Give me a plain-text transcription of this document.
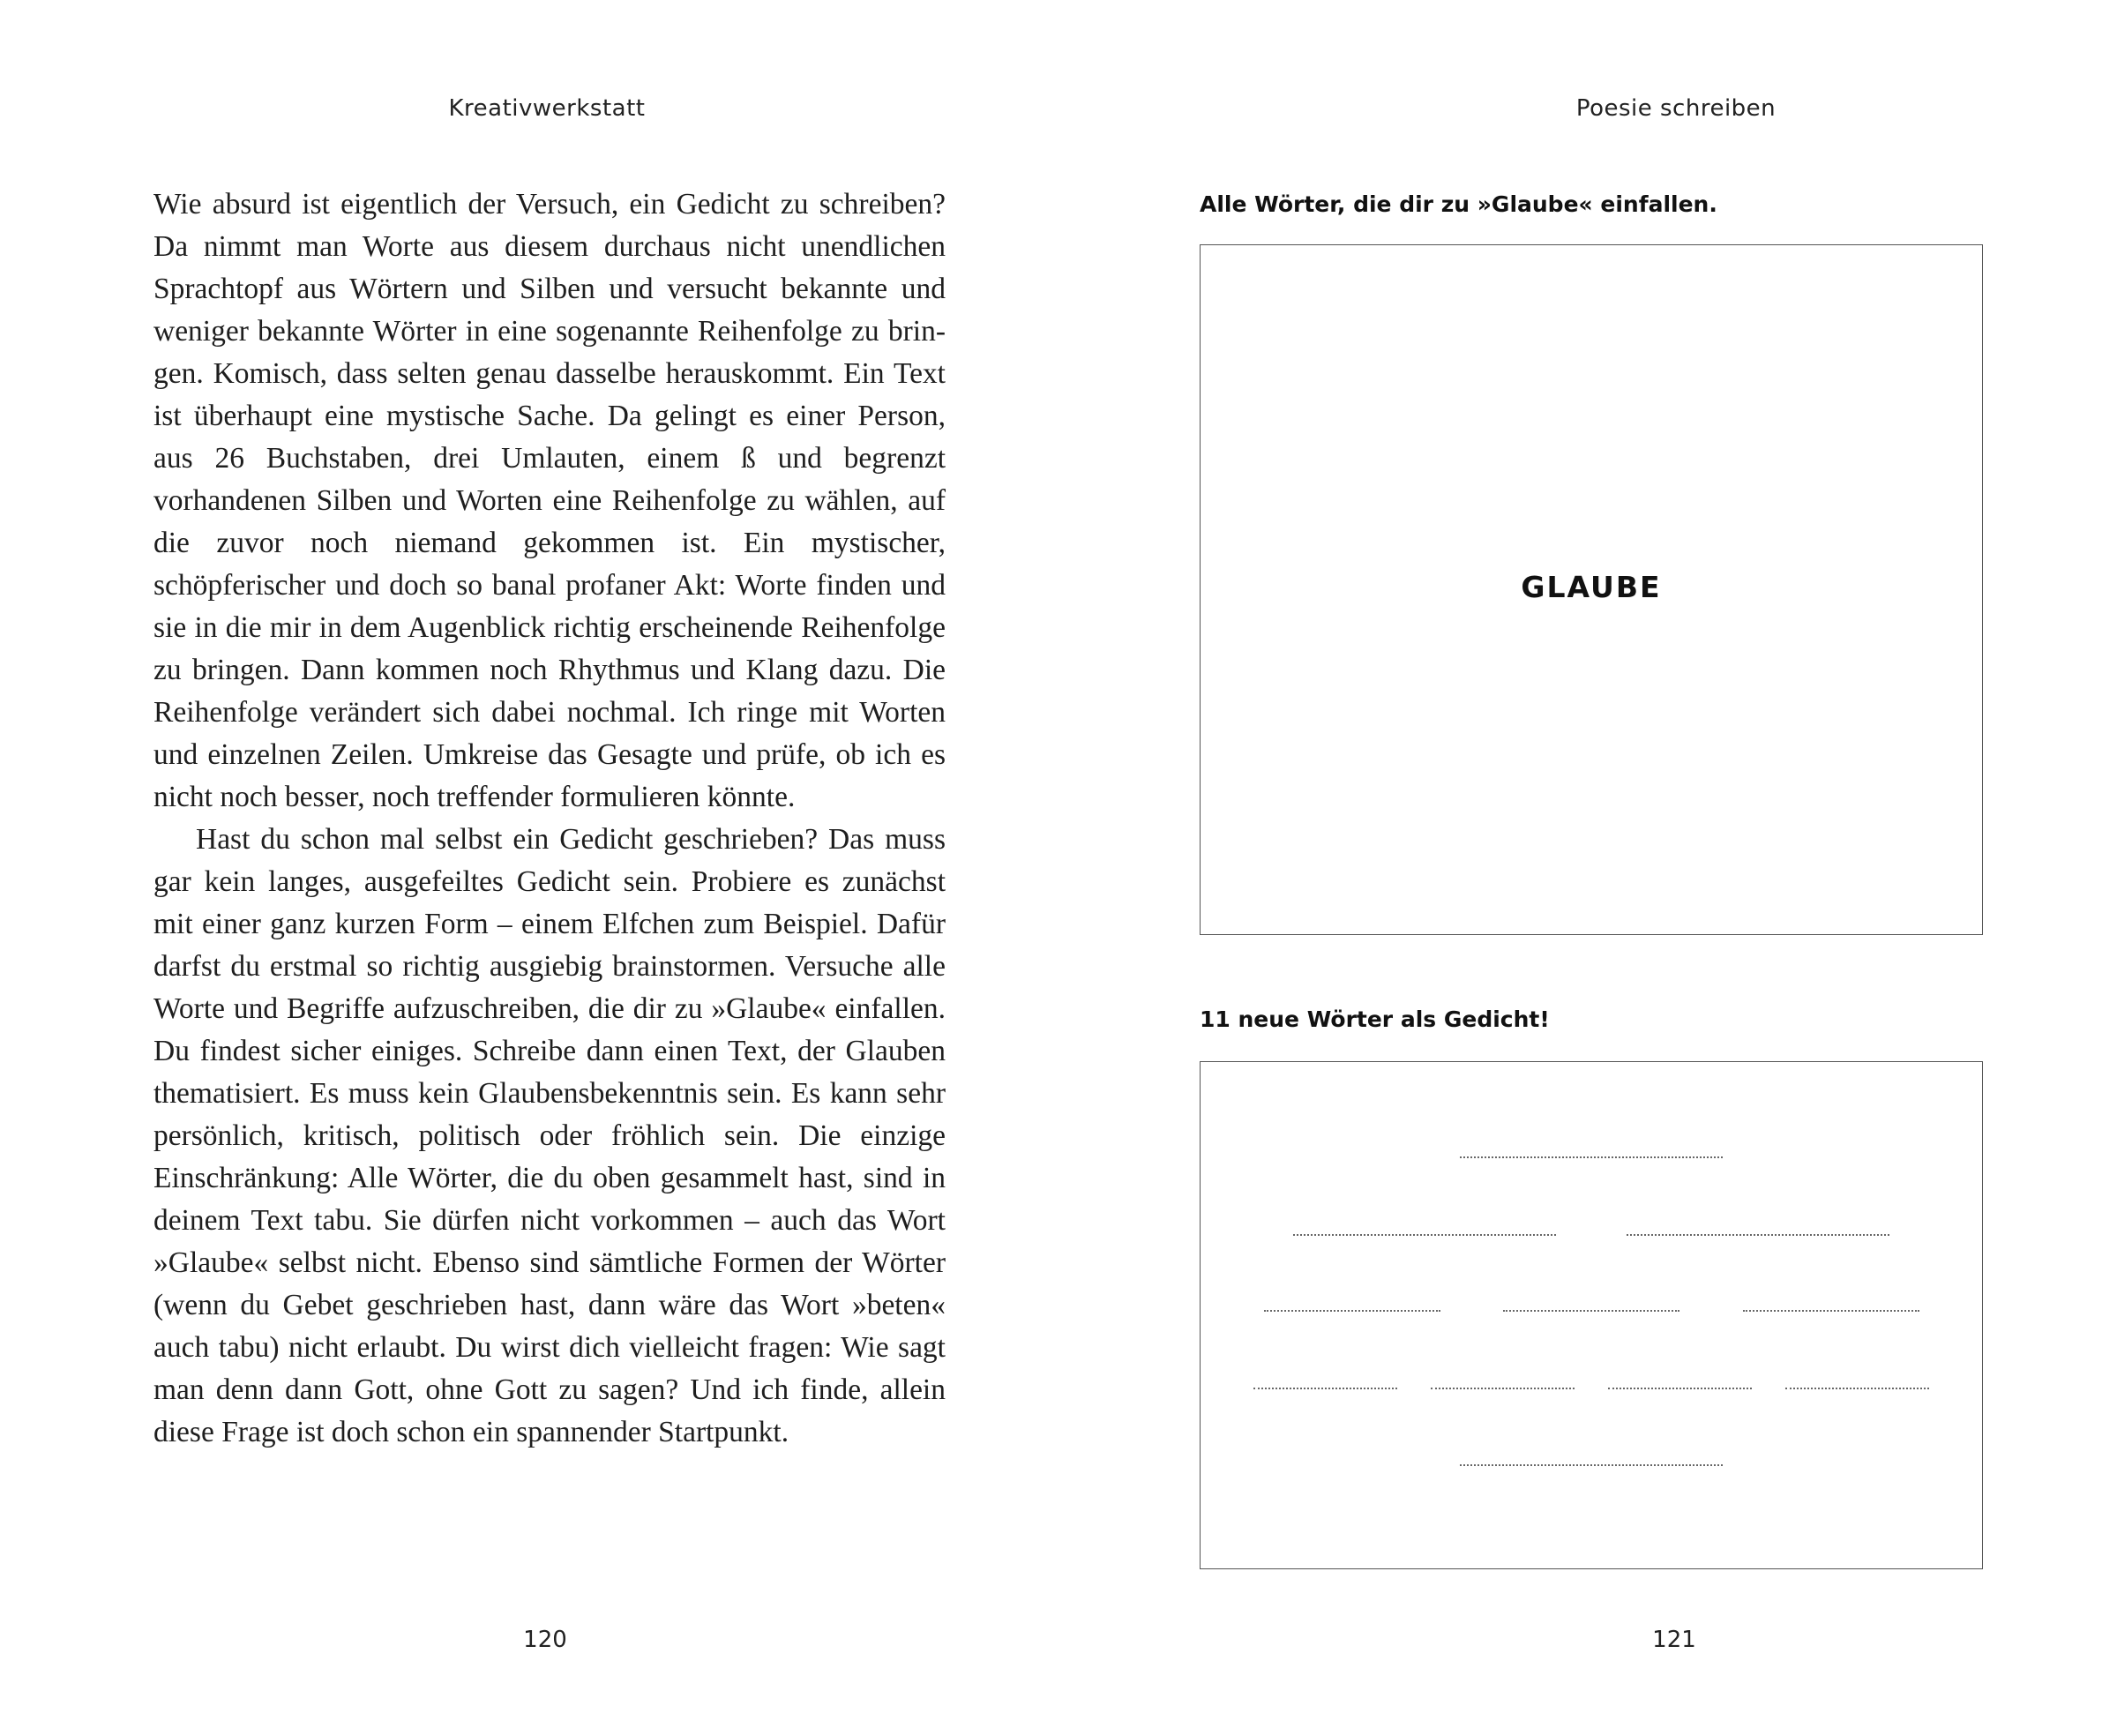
Kreativwerkstatt

Wie absurd ist eigentlich der Versuch, ein Gedicht zu schreiben? Da nimmt man Worte aus diesem durchaus nicht unendlichen Sprachtopf aus Wörtern und Silben und versucht bekannte und weniger bekannte Wörter in eine sogenannte Reihenfolge zu bringen. Komisch, dass selten genau dasselbe herauskommt. Ein Text ist überhaupt eine mystische Sache. Da gelingt es einer Person, aus 26 Buchstaben, drei Umlauten, einem ß und begrenzt vorhandenen Silben und Worten eine Reihenfolge zu wählen, auf die zuvor noch niemand gekommen ist. Ein mystischer, schöpferischer und doch so banal profaner Akt: Worte finden und sie in die mir in dem Augenblick richtig erscheinende Reihenfolge zu bringen. Dann kommen noch Rhythmus und Klang dazu. Die Reihenfolge verändert sich dabei nochmal. Ich ringe mit Worten und einzelnen Zeilen. Umkreise das Gesagte und prüfe, ob ich es nicht noch besser, noch treffender formulieren könnte.

Hast du schon mal selbst ein Gedicht geschrieben? Das muss gar kein langes, ausgefeiltes Gedicht sein. Probiere es zunächst mit einer ganz kurzen Form – einem Elfchen zum Beispiel. Dafür darfst du erstmal so richtig ausgiebig brainstormen. Versuche alle Worte und Begriffe aufzuschreiben, die dir zu »Glaube« einfallen. Du findest sicher einiges. Schreibe dann einen Text, der Glauben thematisiert. Es muss kein Glaubensbekenntnis sein. Es kann sehr persönlich, kritisch, politisch oder fröhlich sein. Die einzige Einschränkung: Alle Wörter, die du oben gesammelt hast, sind in deinem Text tabu. Sie dürfen nicht vorkommen – auch das Wort »Glaube« selbst nicht. Ebenso sind sämtliche Formen der Wörter (wenn du Gebet geschrieben hast, dann wäre das Wort »beten« auch tabu) nicht erlaubt. Du wirst dich vielleicht fragen: Wie sagt man denn dann Gott, ohne Gott zu sagen? Und ich finde, allein diese Frage ist doch schon ein spannender Startpunkt.

120
Poesie schreiben
Alle Wörter, die dir zu »Glaube« einfallen.
GLAUBE
11 neue Wörter als Gedicht!
121
